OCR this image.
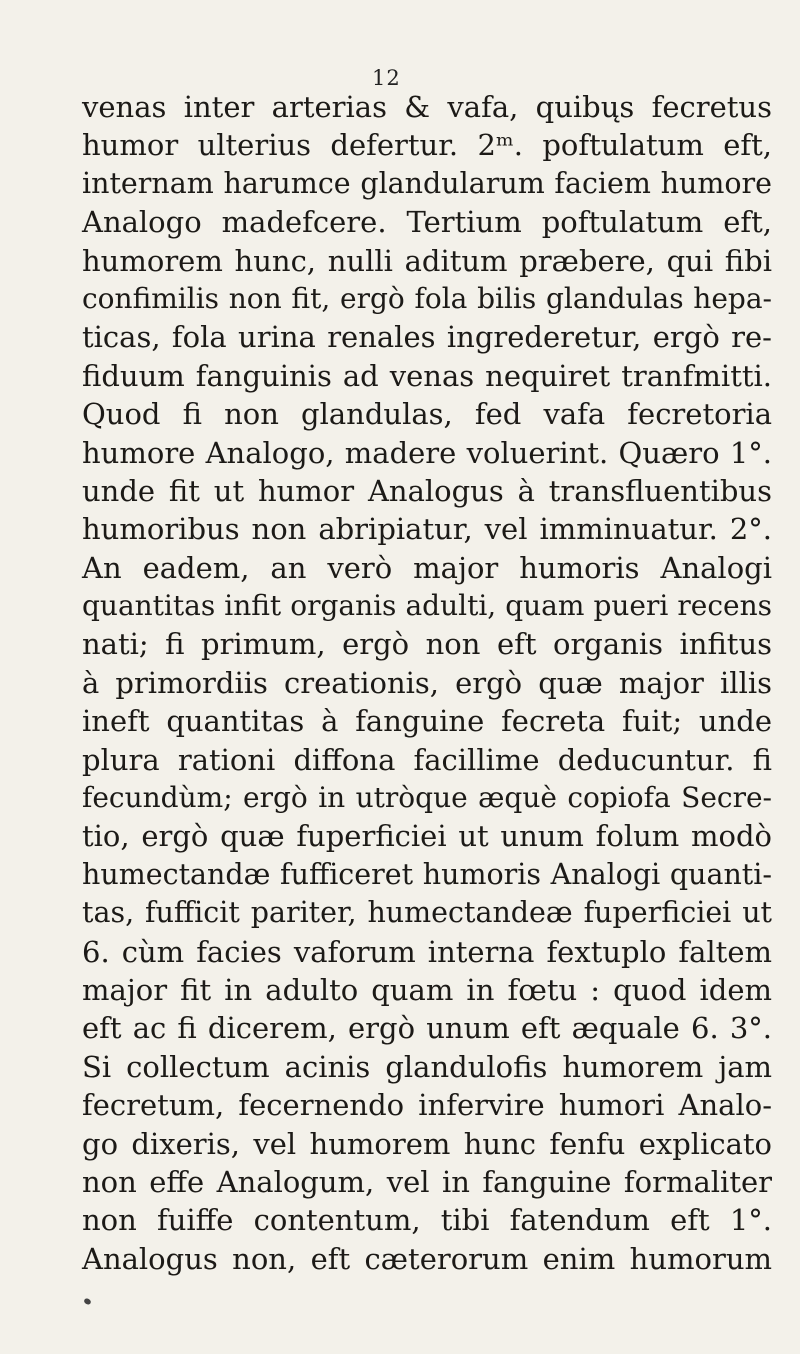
12
venas inter arterias & vafa, quibųs fecretus
humor ulterius defertur. 2ᵐ. poftulatum eft,
internam harumce glandularum faciem humore
Analogo madefcere. Tertium poftulatum eft,
humorem hunc, nulli aditum præbere, qui fibi
confimilis non fit, ergò fola bilis glandulas hepa-
ticas, fola urina renales ingrederetur, ergò re-
fiduum fanguinis ad venas nequiret tranfmitti.
Quod fi non glandulas, fed vafa fecretoria
humore Analogo, madere voluerint. Quæro 1°.
unde fit ut humor Analogus à transfluentibus
humoribus non abripiatur, vel imminuatur. 2°.
An eadem, an verò major humoris Analogi
quantitas infit organis adulti, quam pueri recens
nati; fi primum, ergò non eft organis infitus
à primordiis creationis, ergò quæ major illis
ineft quantitas à fanguine fecreta fuit; unde
plura rationi diffona facillime deducuntur. fi
fecundùm; ergò in utròque æquè copiofa Secre-
tio, ergò quæ fuperficiei ut unum folum modò
humectandæ fufficeret humoris Analogi quanti-
tas, fufficit pariter, humectandeæ fuperficiei ut
6. cùm facies vaforum interna fextuplo faltem
major fit in adulto quam in fœtu : quod idem
eft ac fi dicerem, ergò unum eft æquale 6. 3°.
Si collectum acinis glandulofis humorem jam
fecretum, fecernendo infervire humori Analo-
go dixeris, vel humorem hunc fenfu explicato
non effe Analogum, vel in fanguine formaliter
non fuiffe contentum, tibi fatendum eft 1°.
Analogus non, eft cæterorum enim humorum
